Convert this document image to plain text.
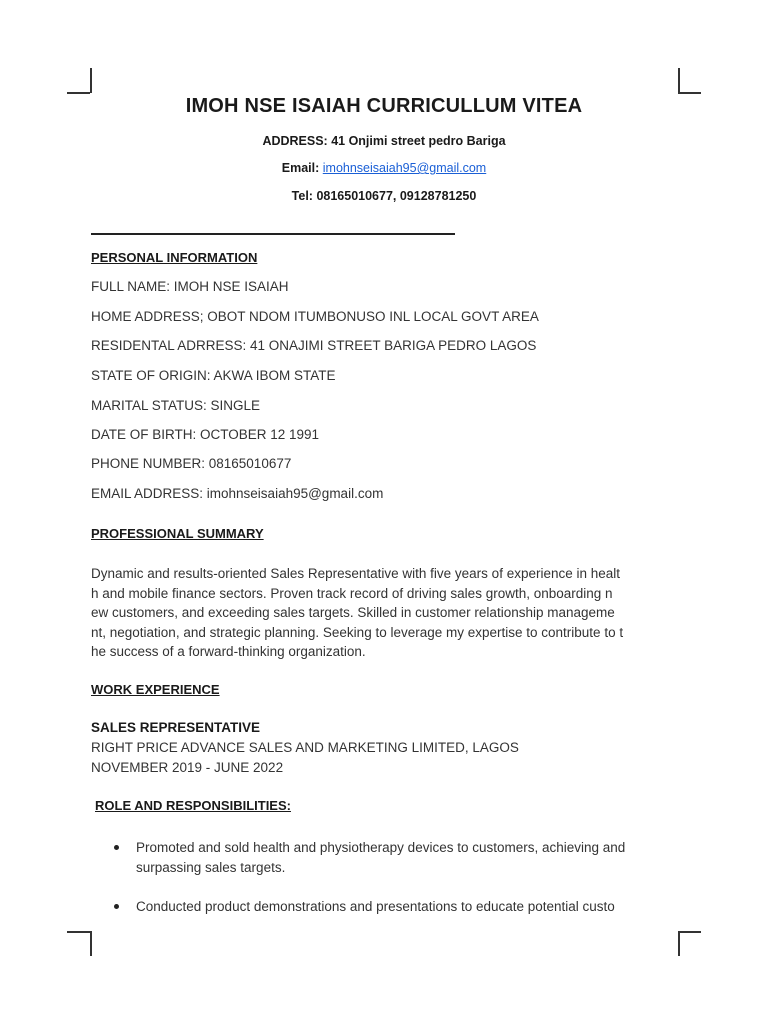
IMOH NSE ISAIAH CURRICULLUM VITEA
ADDRESS: 41 Onjimi street pedro Bariga
Email: imohnseisaiah95@gmail.com
Tel: 08165010677, 09128781250
PERSONAL INFORMATION
FULL NAME: IMOH NSE ISAIAH
HOME ADDRESS; OBOT NDOM ITUMBONUSO INL LOCAL GOVT AREA
RESIDENTAL ADRRESS: 41 ONAJIMI STREET BARIGA PEDRO LAGOS
STATE OF ORIGIN: AKWA IBOM STATE
MARITAL STATUS: SINGLE
DATE OF BIRTH: OCTOBER 12 1991
PHONE NUMBER: 08165010677
EMAIL ADDRESS: imohnseisaiah95@gmail.com
PROFESSIONAL SUMMARY
Dynamic and results-oriented Sales Representative with five years of experience in healt
h and mobile finance sectors. Proven track record of driving sales growth, onboarding n
ew customers, and exceeding sales targets. Skilled in customer relationship manageme
nt, negotiation, and strategic planning. Seeking to leverage my expertise to contribute to t
he success of a forward-thinking organization.
WORK EXPERIENCE
SALES REPRESENTATIVE
RIGHT PRICE ADVANCE SALES AND MARKETING LIMITED, LAGOS
NOVEMBER 2019 - JUNE 2022
ROLE AND RESPONSIBILITIES:
Promoted and sold health and physiotherapy devices to customers, achieving and
surpassing sales targets.
Conducted product demonstrations and presentations to educate potential custo
